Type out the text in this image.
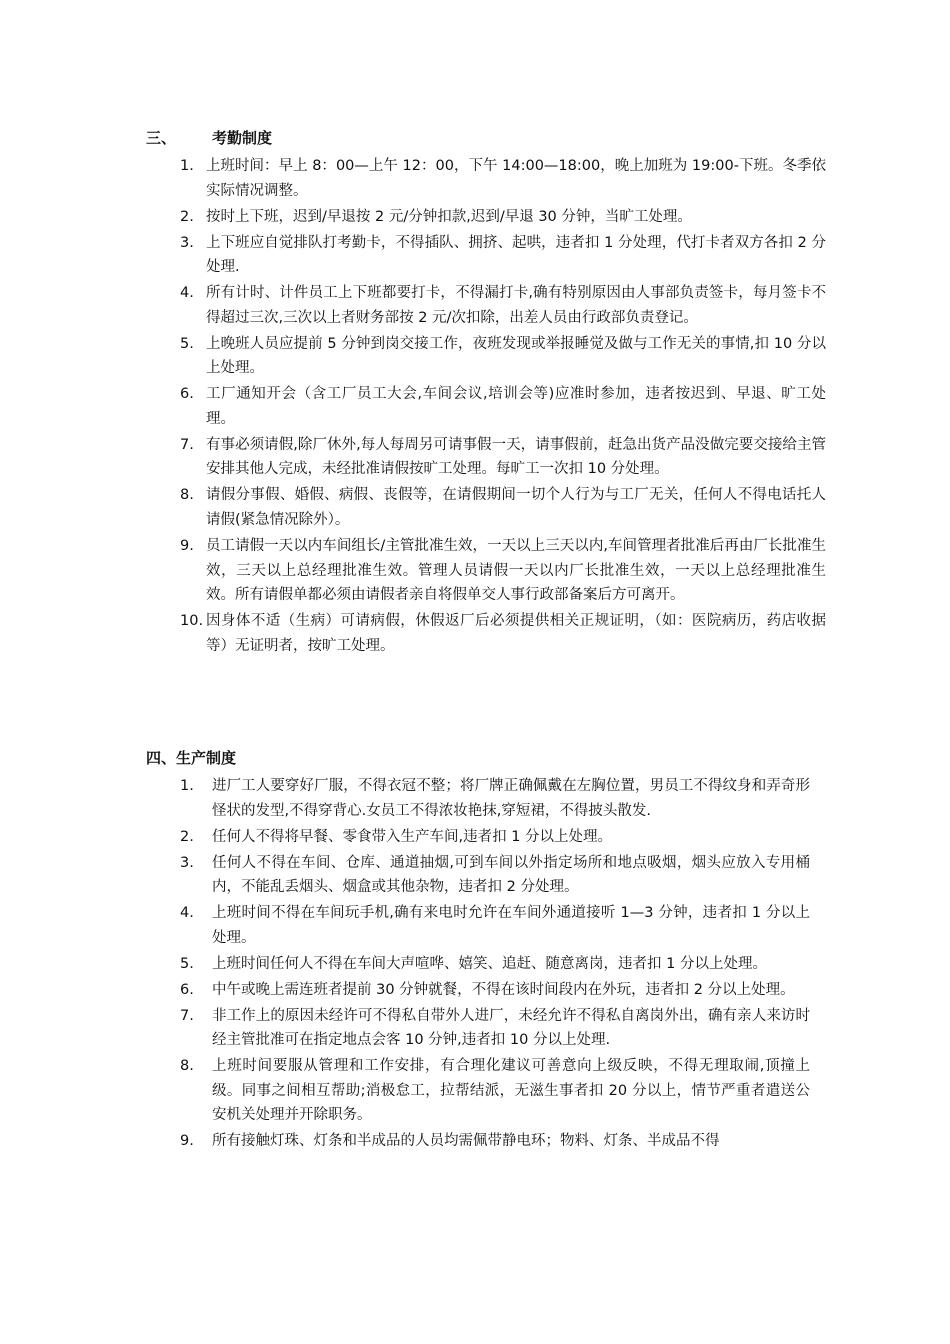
三、	考勤制度
1. 上班时间：早上 8：00—上午 12：00，下午 14:00—18:00，晚上加班为 19:00-下班。冬季依实际情况调整。
2. 按时上下班，迟到/早退按 2 元/分钟扣款,迟到/早退 30 分钟，当旷工处理。
3. 上下班应自觉排队打考勤卡，不得插队、拥挤、起哄，违者扣 1 分处理，代打卡者双方各扣 2 分处理.
4. 所有计时、计件员工上下班都要打卡，不得漏打卡,确有特别原因由人事部负责签卡，每月签卡不得超过三次,三次以上者财务部按 2 元/次扣除，出差人员由行政部负责登记。
5. 上晚班人员应提前 5 分钟到岗交接工作，夜班发现或举报睡觉及做与工作无关的事情,扣 10 分以上处理。
6. 工厂通知开会（含工厂员工大会,车间会议,培训会等)应准时参加，违者按迟到、早退、旷工处理。
7. 有事必须请假,除厂休外,每人每周另可请事假一天，请事假前，赶急出货产品没做完要交接给主管安排其他人完成，未经批准请假按旷工处理。每旷工一次扣 10 分处理。
8. 请假分事假、婚假、病假、丧假等，在请假期间一切个人行为与工厂无关，任何人不得电话托人请假(紧急情况除外）。
9. 员工请假一天以内车间组长/主管批准生效，一天以上三天以内,车间管理者批准后再由厂长批准生效，三天以上总经理批准生效。管理人员请假一天以内厂长批准生效，一天以上总经理批准生效。所有请假单都必须由请假者亲自将假单交人事行政部备案后方可离开。
10. 因身体不适（生病）可请病假，休假返厂后必须提供相关正规证明，（如：医院病历，药店收据等）无证明者，按旷工处理。
四、生产制度
1.	进厂工人要穿好厂服，不得衣冠不整；将厂牌正确佩戴在左胸位置，男员工不得纹身和弄奇形怪状的发型,不得穿背心.女员工不得浓妆艳抹,穿短裙，不得披头散发.
2.	任何人不得将早餐、零食带入生产车间,违者扣 1 分以上处理。
3.	任何人不得在车间、仓库、通道抽烟,可到车间以外指定场所和地点吸烟，烟头应放入专用桶内，不能乱丢烟头、烟盒或其他杂物，违者扣 2 分处理。
4.	上班时间不得在车间玩手机,确有来电时允许在车间外通道接听 1—3 分钟，违者扣 1 分以上处理。
5.	上班时间任何人不得在车间大声喧哗、嬉笑、追赶、随意离岗，违者扣 1 分以上处理。
6.	中午或晚上需连班者提前 30 分钟就餐，不得在该时间段内在外玩，违者扣 2 分以上处理。
7.	非工作上的原因未经许可不得私自带外人进厂，未经允许不得私自离岗外出，确有亲人来访时经主管批准可在指定地点会客 10 分钟,违者扣 10 分以上处理.
8.	上班时间要服从管理和工作安排，有合理化建议可善意向上级反映，不得无理取闹,顶撞上级。同事之间相互帮助;消极怠工，拉帮结派，无滋生事者扣 20 分以上，情节严重者遣送公安机关处理并开除职务。
9.	所有接触灯珠、灯条和半成品的人员均需佩带静电环；物料、灯条、半成品不得
